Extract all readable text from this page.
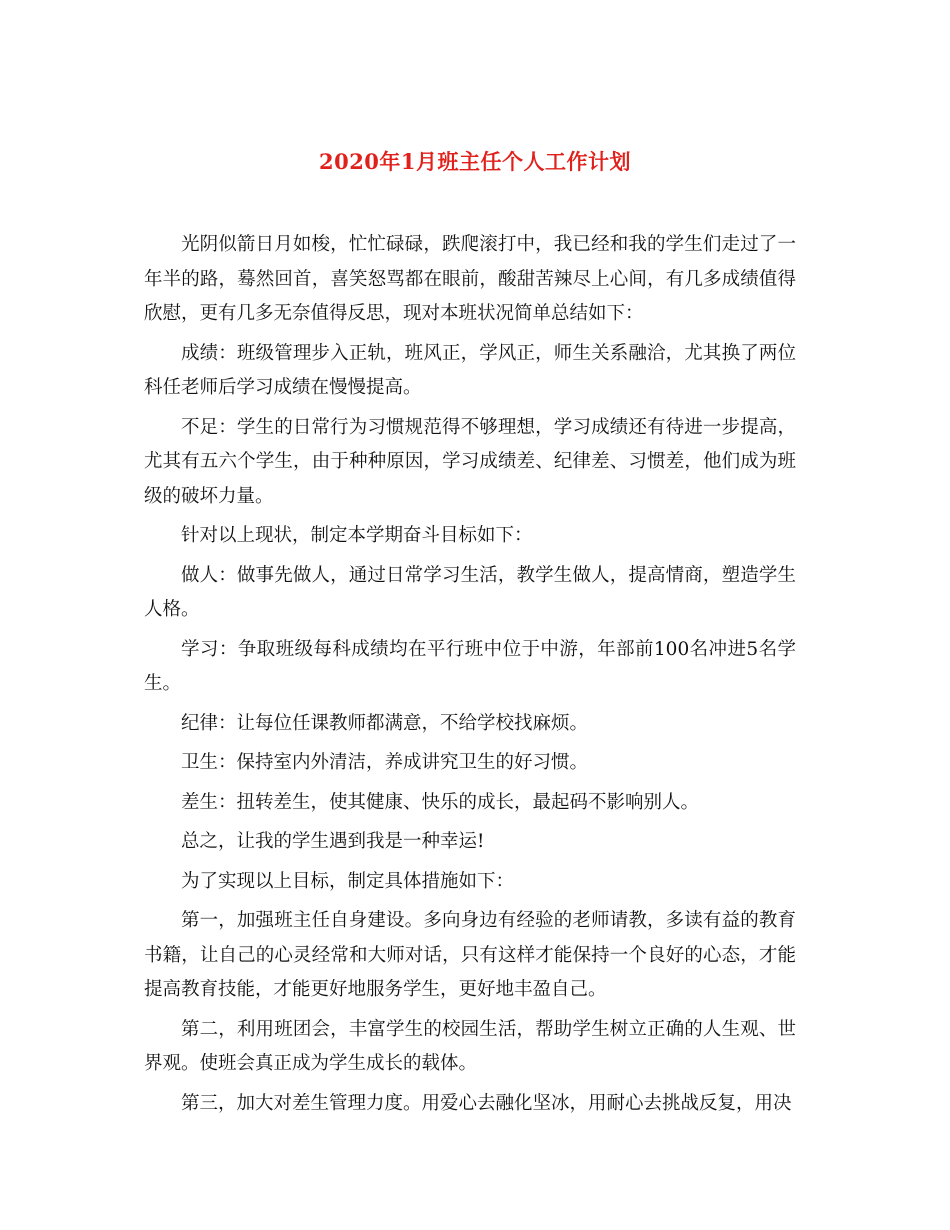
2020年1月班主任个人工作计划

光阴似箭日月如梭，忙忙碌碌，跌爬滚打中，我已经和我的学生们走过了一年半的路，蓦然回首，喜笑怒骂都在眼前，酸甜苦辣尽上心间，有几多成绩值得欣慰，更有几多无奈值得反思，现对本班状况简单总结如下：

成绩：班级管理步入正轨，班风正，学风正，师生关系融洽，尤其换了两位科任老师后学习成绩在慢慢提高。

不足：学生的日常行为习惯规范得不够理想，学习成绩还有待进一步提高，尤其有五六个学生，由于种种原因，学习成绩差、纪律差、习惯差，他们成为班级的破坏力量。

针对以上现状，制定本学期奋斗目标如下：

做人：做事先做人，通过日常学习生活，教学生做人，提高情商，塑造学生人格。

学习：争取班级每科成绩均在平行班中位于中游，年部前100名冲进5名学生。

纪律：让每位任课教师都满意，不给学校找麻烦。

卫生：保持室内外清洁，养成讲究卫生的好习惯。

差生：扭转差生，使其健康、快乐的成长，最起码不影响别人。

总之，让我的学生遇到我是一种幸运!

为了实现以上目标，制定具体措施如下：

第一，加强班主任自身建设。多向身边有经验的老师请教，多读有益的教育书籍，让自己的心灵经常和大师对话，只有这样才能保持一个良好的心态，才能提高教育技能，才能更好地服务学生，更好地丰盈自己。

第二，利用班团会，丰富学生的校园生活，帮助学生树立正确的人生观、世界观。使班会真正成为学生成长的载体。

第三，加大对差生管理力度。用爱心去融化坚冰，用耐心去挑战反复，用决
